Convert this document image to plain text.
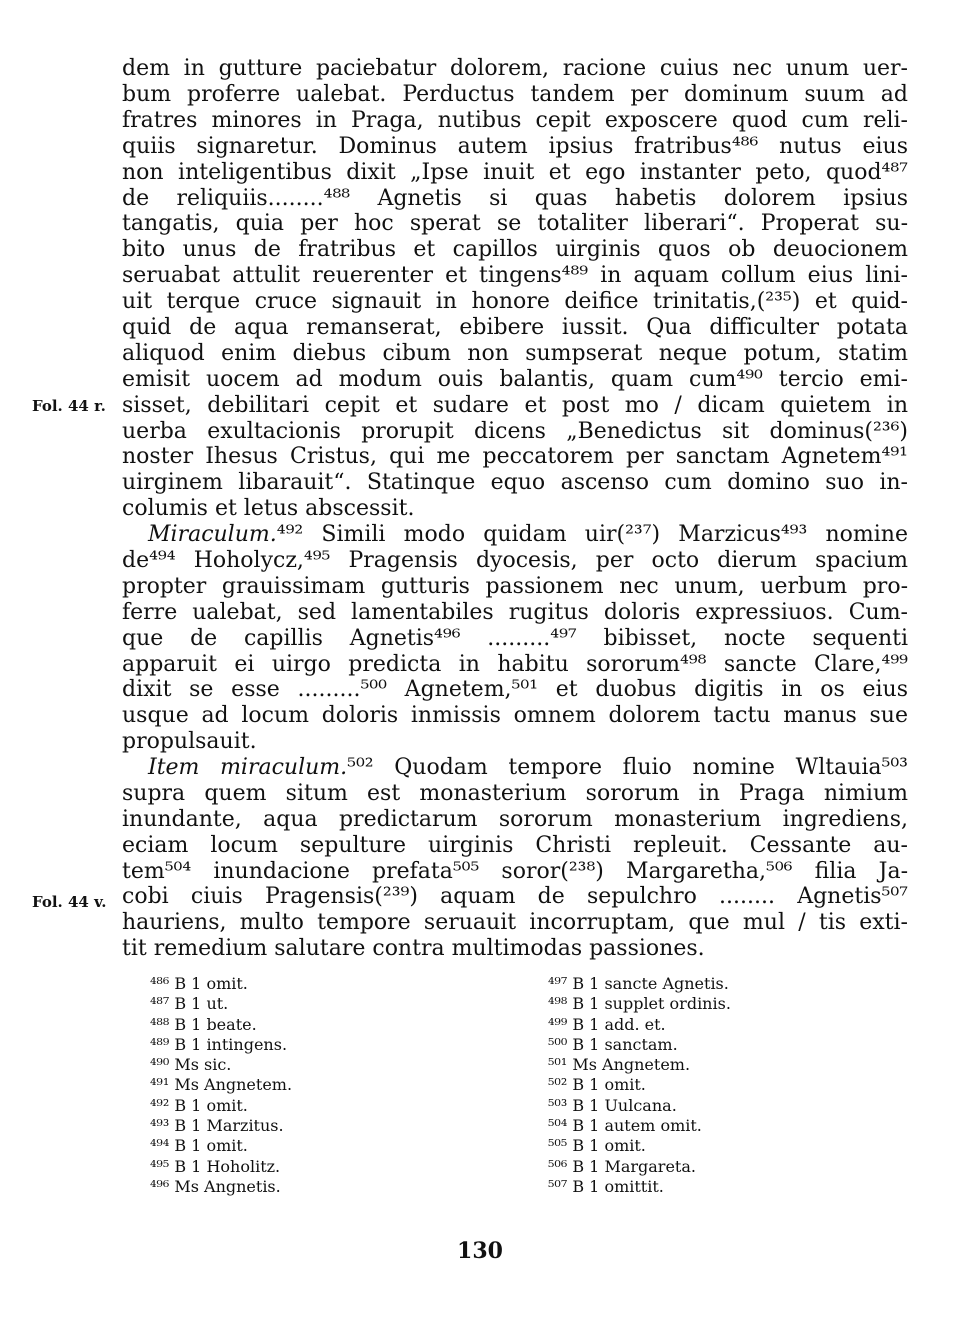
dem in gutture paciebatur dolorem, racione cuius nec unum uer-
bum proferre ualebat. Perductus tandem per dominum suum ad
fratres minores in Praga, nutibus cepit exposcere quod cum reli-
quiis signaretur. Dominus autem ipsius fratribus⁴⁸⁶ nutus eius
non inteligentibus dixit „Ipse inuit et ego instanter peto, quod⁴⁸⁷
de reliquiis........⁴⁸⁸ Agnetis si quas habetis dolorem ipsius
tangatis, quia per hoc sperat se totaliter liberari“. Properat su-
bito unus de fratribus et capillos uirginis quos ob deuocionem
seruabat attulit reuerenter et tingens⁴⁸⁹ in aquam collum eius lini-
uit terque cruce signauit in honore deifice trinitatis,(²³⁵) et quid-
quid de aqua remanserat, ebibere iussit. Qua difficulter potata
aliquod enim diebus cibum non sumpserat neque potum, statim
emisit uocem ad modum ouis balantis, quam cum⁴⁹⁰ tercio emi-
sisset, debilitari cepit et sudare et post mo / dicam quietem in
uerba exultacionis prorupit dicens „Benedictus sit dominus(²³⁶)
noster Ihesus Cristus, qui me peccatorem per sanctam Agnetem⁴⁹¹
uirginem libarauit“. Statinque equo ascenso cum domino suo in-
columis et letus abscessit.
Miraculum.⁴⁹² Simili modo quidam uir(²³⁷) Marzicus⁴⁹³ nomine
de⁴⁹⁴ Hoholycz,⁴⁹⁵ Pragensis dyocesis, per octo dierum spacium
propter grauissimam gutturis passionem nec unum, uerbum pro-
ferre ualebat, sed lamentabiles rugitus doloris expressiuos. Cum-
que de capillis Agnetis⁴⁹⁶ .........⁴⁹⁷ bibisset, nocte sequenti
apparuit ei uirgo predicta in habitu sororum⁴⁹⁸ sancte Clare,⁴⁹⁹
dixit se esse .........⁵⁰⁰ Agnetem,⁵⁰¹ et duobus digitis in os eius
usque ad locum doloris inmissis omnem dolorem tactu manus sue
propulsauit.
Item miraculum.⁵⁰² Quodam tempore fluio nomine Wltauia⁵⁰³
supra quem situm est monasterium sororum in Praga nimium
inundante, aqua predictarum sororum monasterium ingrediens,
eciam locum sepulture uirginis Christi repleuit. Cessante au-
tem⁵⁰⁴ inundacione prefata⁵⁰⁵ soror(²³⁸) Margaretha,⁵⁰⁶ filia Ja-
cobi ciuis Pragensis(²³⁹) aquam de sepulchro ........ Agnetis⁵⁰⁷
hauriens, multo tempore seruauit incorruptam, que mul / tis exti-
tit remedium salutare contra multimodas passiones.
Fol. 44 r.
Fol. 44 v.
⁴⁸⁶ B 1 omit.
⁴⁸⁷ B 1 ut.
⁴⁸⁸ B 1 beate.
⁴⁸⁹ B 1 intingens.
⁴⁹⁰ Ms sic.
⁴⁹¹ Ms Angnetem.
⁴⁹² B 1 omit.
⁴⁹³ B 1 Marzitus.
⁴⁹⁴ B 1 omit.
⁴⁹⁵ B 1 Hoholitz.
⁴⁹⁶ Ms Angnetis.
⁴⁹⁷ B 1 sancte Agnetis.
⁴⁹⁸ B 1 supplet ordinis.
⁴⁹⁹ B 1 add. et.
⁵⁰⁰ B 1 sanctam.
⁵⁰¹ Ms Angnetem.
⁵⁰² B 1 omit.
⁵⁰³ B 1 Uulcana.
⁵⁰⁴ B 1 autem omit.
⁵⁰⁵ B 1 omit.
⁵⁰⁶ B 1 Margareta.
⁵⁰⁷ B 1 omittit.
130
